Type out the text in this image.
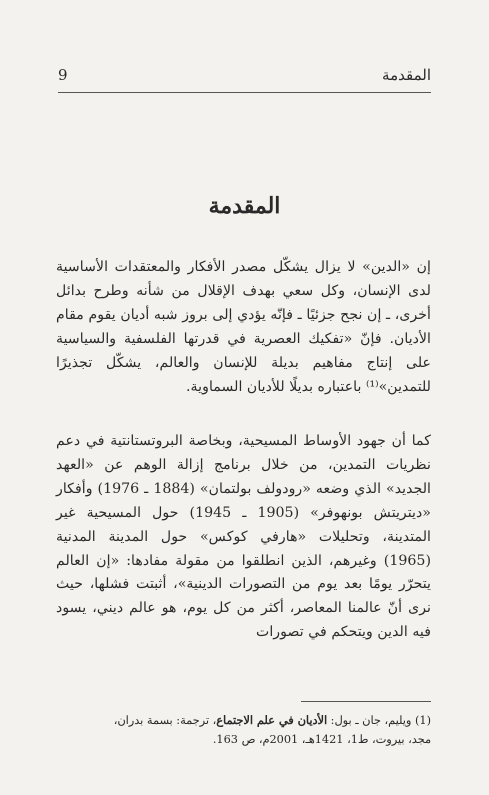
المقدمة
9
المقدمة

إن «الدين» لا يزال يشكّل مصدر الأفكار والمعتقدات الأساسية لدى الإنسان، وكل سعي بهدف الإقلال من شأنه وطرح بدائل أخرى، ـ إن نجح جزئيًا ـ فإنّه يؤدي إلى بروز شبه أديان يقوم مقام الأديان. فإنّ «تفكيك العصرية في قدرتها الفلسفية والسياسية على إنتاج مفاهيم بديلة للإنسان والعالم، يشكّل تجذيرًا للتمدين»⁽¹⁾ باعتباره بديلًا للأديان السماوية.

كما أن جهود الأوساط المسيحية، وبخاصة البروتستانتية في دعم نظريات التمدين، من خلال برنامج إزالة الوهم عن «العهد الجديد» الذي وضعه «رودولف بولتمان» (1884 ـ 1976) وأفكار «ديتريتش بونهوفر» (1905 ـ 1945) حول المسيحية غير المتدينة، وتحليلات «هارفي كوكس» حول المدينة المدنية (1965) وغيرهم، الذين انطلقوا من مقولة مفادها: «إن العالم يتحرّر يومًا بعد يوم من التصورات الدينية»، أثبتت فشلها، حيث نرى أنّ عالمنا المعاصر، أكثر من كل يوم، هو عالم ديني، يسود فيه الدين ويتحكم في تصورات

(1) ويليم، جان ـ بول: الأديان في علم الاجتماع، ترجمة: بسمة بدران،

مجد، بيروت، ط1، 1421هـ، 2001م، ص 163.
